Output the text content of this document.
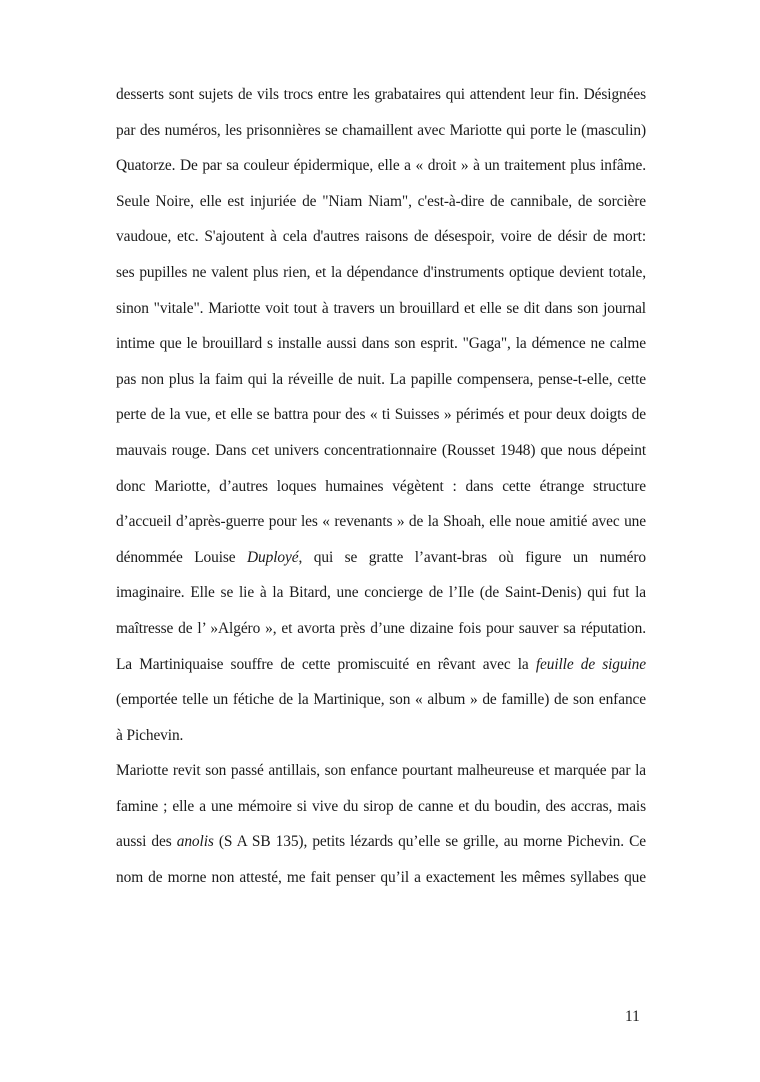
desserts sont sujets de vils trocs entre les grabataires qui attendent leur fin. Désignées
par des numéros, les prisonnières se chamaillent avec Mariotte qui porte le (masculin)
Quatorze. De par sa couleur épidermique, elle a « droit » à un traitement plus infâme.
Seule Noire, elle est injuriée de "Niam Niam", c'est-à-dire de cannibale, de sorcière
vaudoue, etc. S'ajoutent à cela d'autres raisons de désespoir, voire de désir de mort:
ses pupilles ne valent plus rien, et la dépendance d'instruments optique devient totale,
sinon "vitale". Mariotte voit tout à travers un brouillard et elle se dit dans son journal
intime que le brouillard s installe aussi dans son esprit. "Gaga", la démence ne calme
pas non plus la faim qui la réveille de nuit. La papille compensera, pense-t-elle, cette
perte de la vue, et elle se battra pour des « ti Suisses » périmés et pour deux doigts de
mauvais rouge. Dans cet univers concentrationnaire (Rousset 1948) que nous dépeint
donc Mariotte, d’autres loques humaines végètent : dans cette étrange structure
d’accueil d’après-guerre pour les « revenants » de la Shoah, elle noue amitié avec une
dénommée Louise Duployé, qui se gratte l’avant-bras où figure un numéro
imaginaire. Elle se lie à la Bitard, une concierge de l’Ile (de Saint-Denis) qui fut la
maîtresse de l’ »Algéro », et avorta près d’une dizaine fois pour sauver sa réputation.
La Martiniquaise souffre de cette promiscuité en rêvant avec la feuille de siguine
(emportée telle un fétiche de la Martinique, son « album » de famille) de son enfance
à Pichevin.
Mariotte revit son passé antillais, son enfance pourtant malheureuse et marquée par la
famine ; elle a une mémoire si vive du sirop de canne et du boudin, des accras, mais
aussi des anolis (S A SB 135), petits lézards qu’elle se grille, au morne Pichevin. Ce
nom de morne non attesté, me fait penser qu’il a exactement les mêmes syllabes que
11
